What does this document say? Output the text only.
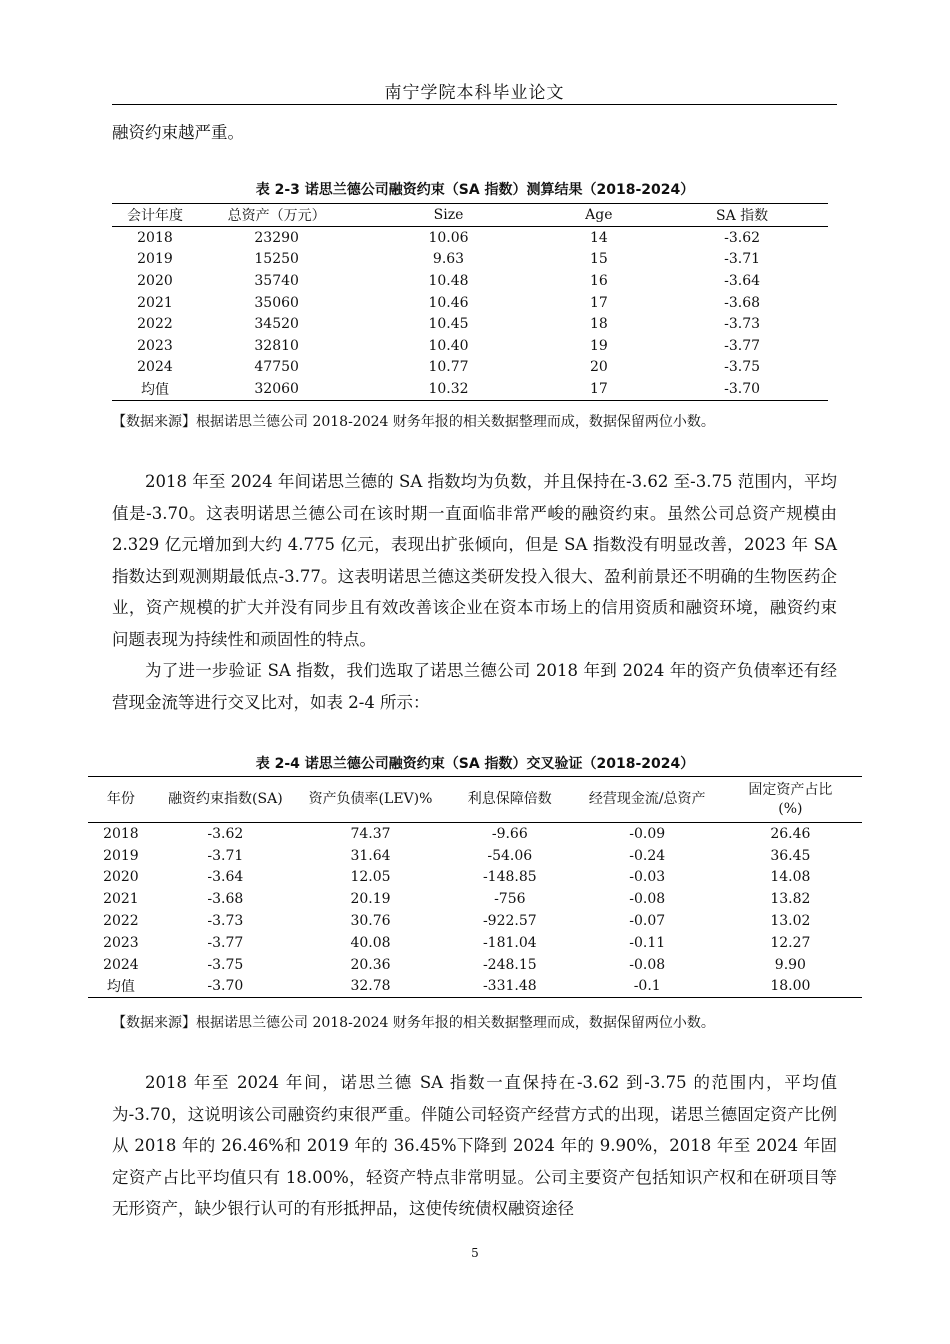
南宁学院本科毕业论文

融资约束越严重。

表 2-3 诺思兰德公司融资约束（SA 指数）测算结果（2018-2024）
会计年度	总资产（万元）	Size	Age	SA 指数
2018	23290	10.06	14	-3.62
2019	15250	9.63	15	-3.71
2020	35740	10.48	16	-3.64
2021	35060	10.46	17	-3.68
2022	34520	10.45	18	-3.73
2023	32810	10.40	19	-3.77
2024	47750	10.77	20	-3.75
均值	32060	10.32	17	-3.70
【数据来源】根据诺思兰德公司 2018-2024 财务年报的相关数据整理而成，数据保留两位小数。

2018 年至 2024 年间诺思兰德的 SA 指数均为负数，并且保持在-3.62 至-3.75 范围内，平均值是-3.70。这表明诺思兰德公司在该时期一直面临非常严峻的融资约束。虽然公司总资产规模由 2.329 亿元增加到大约 4.775 亿元，表现出扩张倾向，但是 SA 指数没有明显改善，2023 年 SA 指数达到观测期最低点-3.77。这表明诺思兰德这类研发投入很大、盈利前景还不明确的生物医药企业，资产规模的扩大并没有同步且有效改善该企业在资本市场上的信用资质和融资环境，融资约束问题表现为持续性和顽固性的特点。

为了进一步验证 SA 指数，我们选取了诺思兰德公司 2018 年到 2024 年的资产负债率还有经营现金流等进行交叉比对，如表 2-4 所示：

表 2-4 诺思兰德公司融资约束（SA 指数）交叉验证（2018-2024）
年份	融资约束指数(SA)	资产负债率(LEV)%	利息保障倍数	经营现金流/总资产	固定资产占比
(%)
2018	-3.62	74.37	-9.66	-0.09	26.46
2019	-3.71	31.64	-54.06	-0.24	36.45
2020	-3.64	12.05	-148.85	-0.03	14.08
2021	-3.68	20.19	-756	-0.08	13.82
2022	-3.73	30.76	-922.57	-0.07	13.02
2023	-3.77	40.08	-181.04	-0.11	12.27
2024	-3.75	20.36	-248.15	-0.08	9.90
均值	-3.70	32.78	-331.48	-0.1	18.00
【数据来源】根据诺思兰德公司 2018-2024 财务年报的相关数据整理而成，数据保留两位小数。

2018 年至 2024 年间，诺思兰德 SA 指数一直保持在-3.62 到-3.75 的范围内，平均值为-3.70，这说明该公司融资约束很严重。伴随公司轻资产经营方式的出现，诺思兰德固定资产比例从 2018 年的 26.46%和 2019 年的 36.45%下降到 2024 年的 9.90%，2018 年至 2024 年固定资产占比平均值只有 18.00%，轻资产特点非常明显。公司主要资产包括知识产权和在研项目等无形资产，缺少银行认可的有形抵押品，这使传统债权融资途径

5
